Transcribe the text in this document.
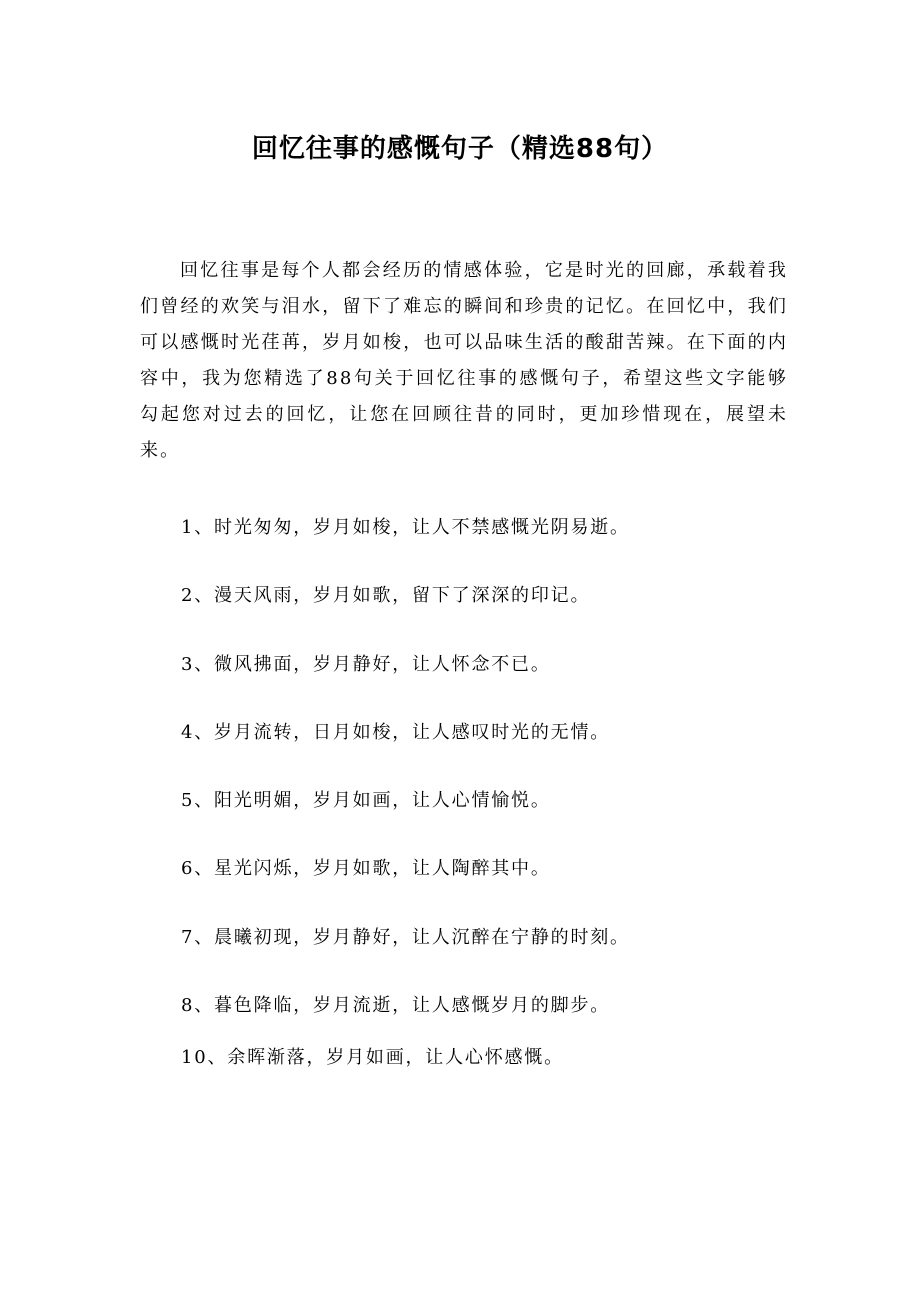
回忆往事的感慨句子（精选88句）

回忆往事是每个人都会经历的情感体验，它是时光的回廊，承载着我们曾经的欢笑与泪水，留下了难忘的瞬间和珍贵的记忆。在回忆中，我们可以感慨时光荏苒，岁月如梭，也可以品味生活的酸甜苦辣。在下面的内容中，我为您精选了88句关于回忆往事的感慨句子，希望这些文字能够勾起您对过去的回忆，让您在回顾往昔的同时，更加珍惜现在，展望未来。

1、时光匆匆，岁月如梭，让人不禁感慨光阴易逝。

2、漫天风雨，岁月如歌，留下了深深的印记。

3、微风拂面，岁月静好，让人怀念不已。

4、岁月流转，日月如梭，让人感叹时光的无情。

5、阳光明媚，岁月如画，让人心情愉悦。

6、星光闪烁，岁月如歌，让人陶醉其中。

7、晨曦初现，岁月静好，让人沉醉在宁静的时刻。

8、暮色降临，岁月流逝，让人感慨岁月的脚步。

10、余晖渐落，岁月如画，让人心怀感慨。
